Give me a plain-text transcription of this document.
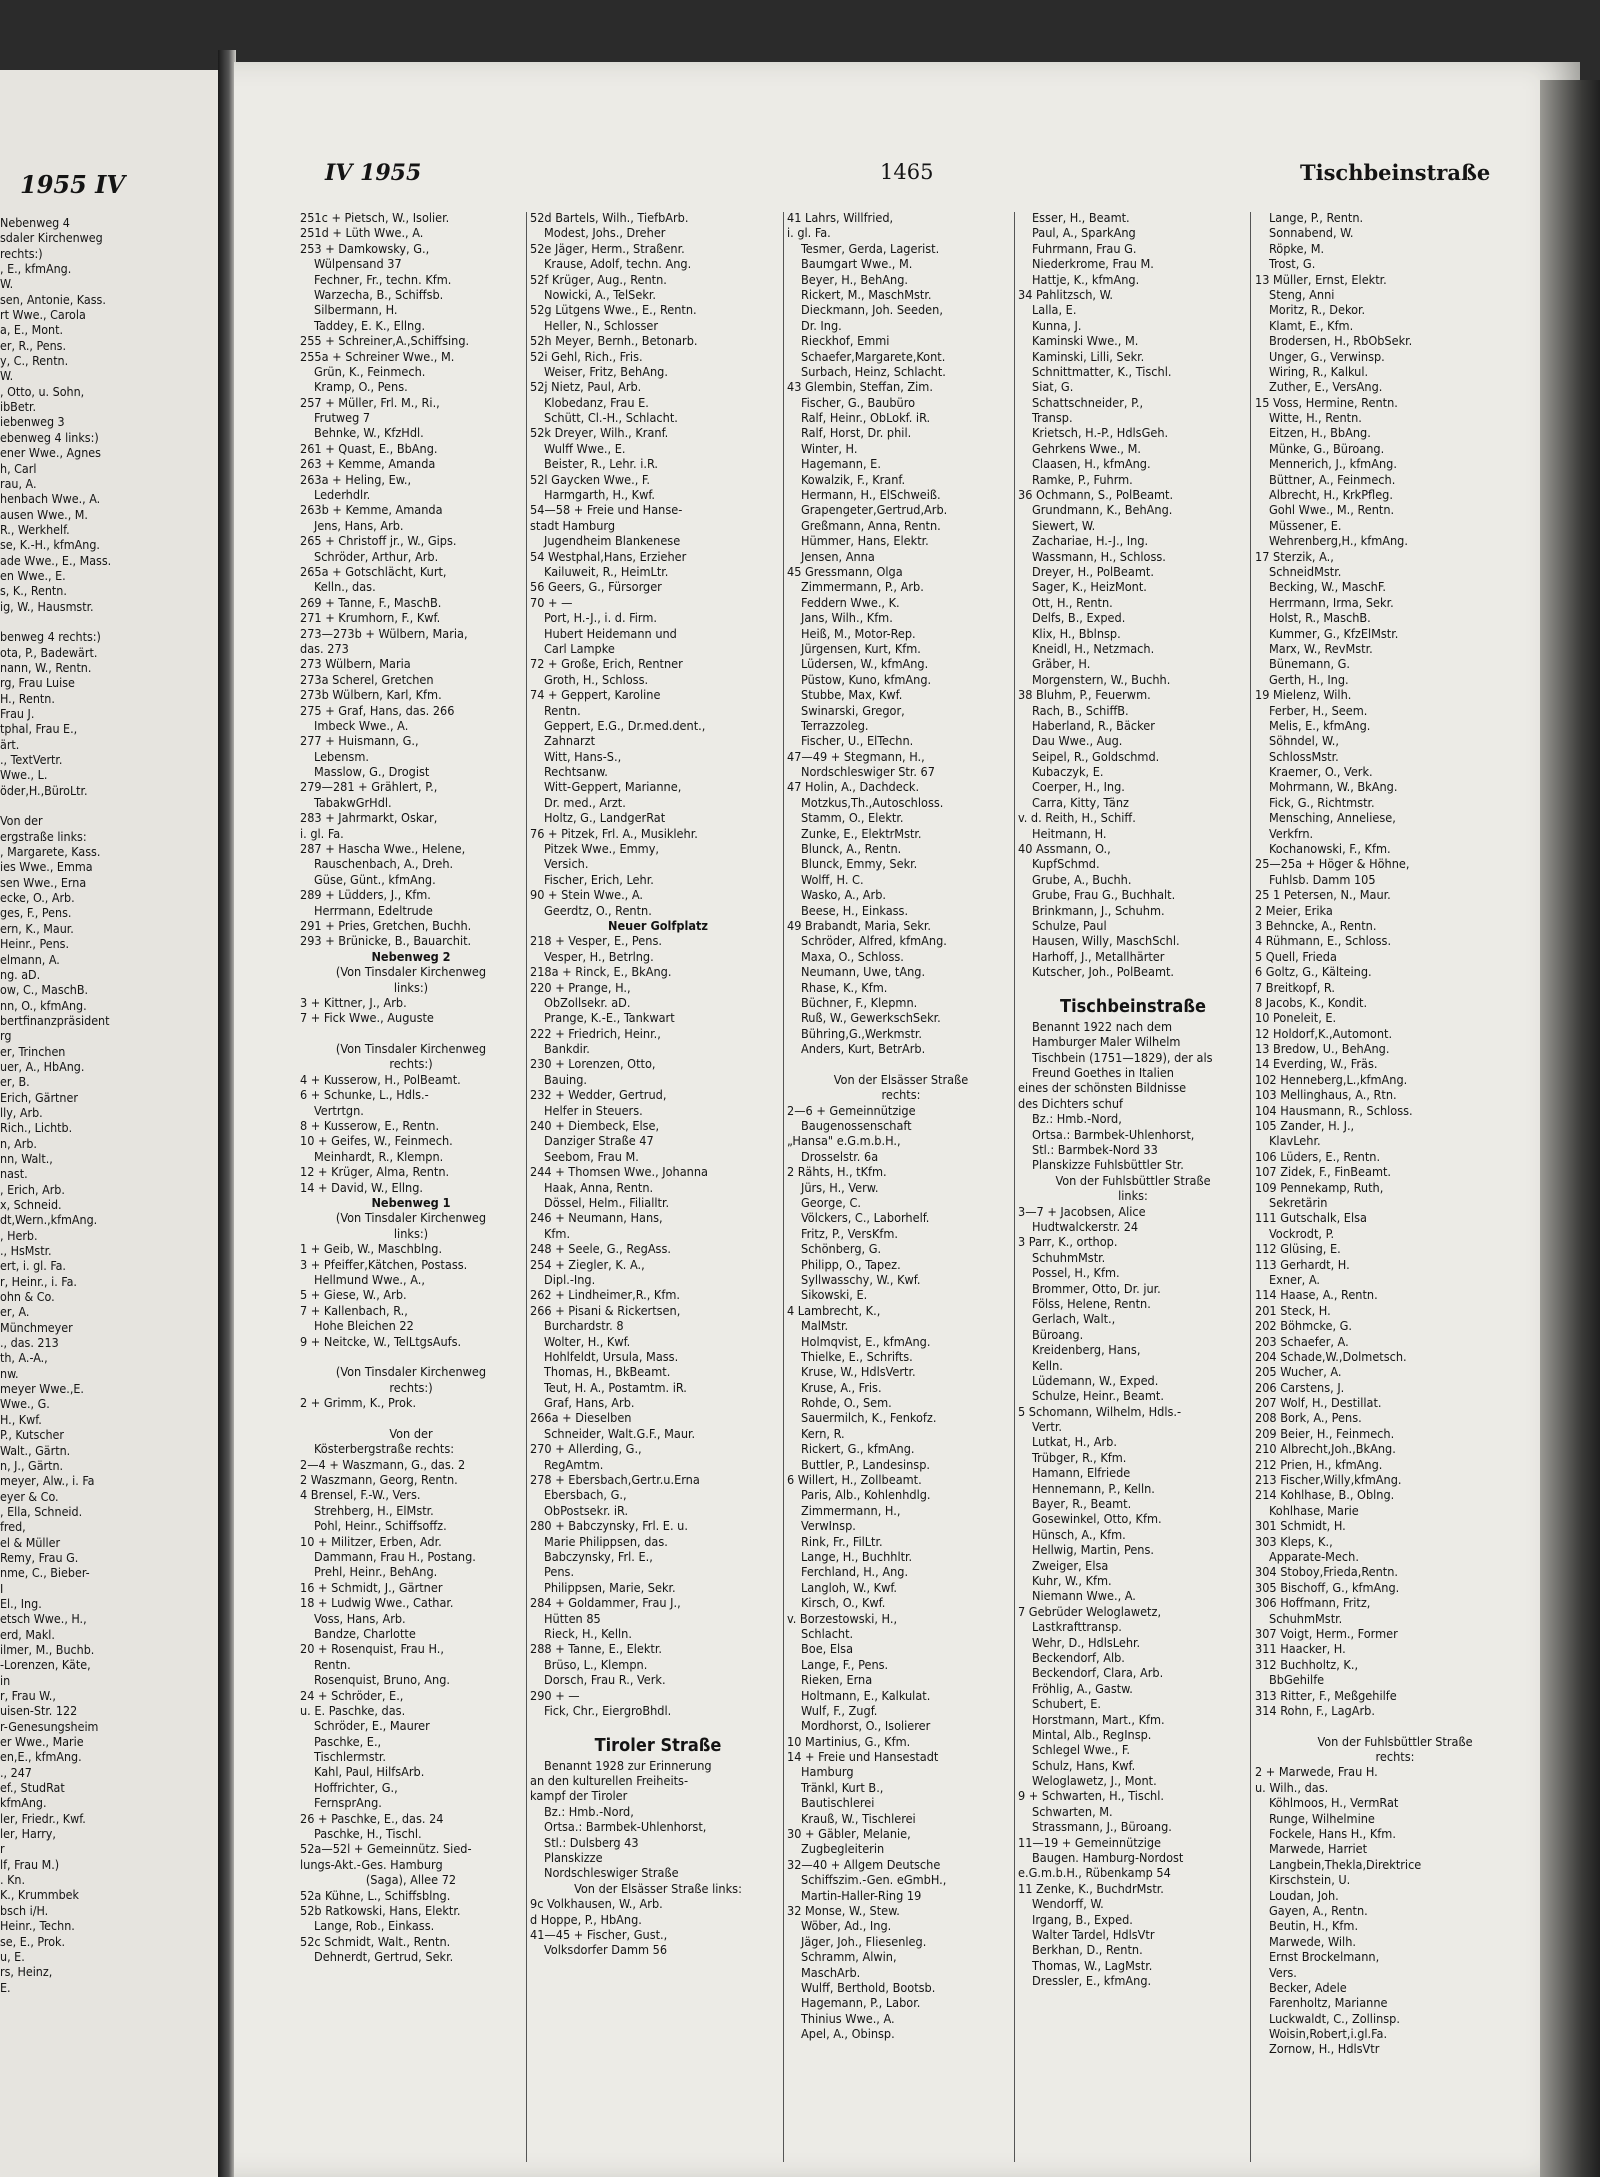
1955 IV
Nebenweg 4
sdaler Kirchenweg
rechts:)
, E., kfmAng.
W.
sen, Antonie, Kass.
rt Wwe., Carola
a, E., Mont.
er, R., Pens.
y, C., Rentn.
W.
, Otto, u. Sohn,
ibBetr.
iebenweg 3
ebenweg 4 links:)
ener Wwe., Agnes
h, Carl
rau, A.
henbach Wwe., A.
ausen Wwe., M.
R., Werkhelf.
se, K.-H., kfmAng.
ade Wwe., E., Mass.
en Wwe., E.
s, K., Rentn.
ig, W., Hausmstr.
benweg 4 rechts:)
ota, P., Badewärt.
nann, W., Rentn.
rg, Frau Luise
H., Rentn.
Frau J.
tphal, Frau E.,
ärt.
., TextVertr.
Wwe., L.
öder,H.,BüroLtr.
Von der
ergstraße links:
, Margarete, Kass.
ies Wwe., Emma
sen Wwe., Erna
ecke, O., Arb.
ges, F., Pens.
ern, K., Maur.
Heinr., Pens.
elmann, A.
ng. aD.
ow, C., MaschB.
nn, O., kfmAng.
bertfinanzpräsident
rg
er, Trinchen
uer, A., HbAng.
er, B.
Erich, Gärtner
lly, Arb.
Rich., Lichtb.
n, Arb.
nn, Walt.,
nast.
, Erich, Arb.
x, Schneid.
dt,Wern.,kfmAng.
, Herb.
., HsMstr.
ert, i. gl. Fa.
r, Heinr., i. Fa.
ohn & Co.
er, A.
Münchmeyer
., das. 213
th, A.-A.,
nw.
meyer Wwe.,E.
Wwe., G.
H., Kwf.
P., Kutscher
Walt., Gärtn.
n, J., Gärtn.
meyer, Alw., i. Fa
eyer & Co.
, Ella, Schneid.
fred,
el & Müller
Remy, Frau G.
nme, C., Bieber-
I
El., Ing.
etsch Wwe., H.,
erd, Makl.
ilmer, M., Buchb.
-Lorenzen, Käte,
in
r, Frau W.,
uisen-Str. 122
r-Genesungsheim
er Wwe., Marie
en,E., kfmAng.
., 247
ef., StudRat
kfmAng.
ler, Friedr., Kwf.
ler, Harry,
r
lf, Frau M.)
. Kn.
K., Krummbek
bsch i/H.
Heinr., Techn.
se, E., Prok.
u, E.
rs, Heinz,
E.
IV 1955	1465	Tischbeinstraße
251c + Pietsch, W., Isolier.
251d + Lüth Wwe., A.
253 + Damkowsky, G.,
Wülpensand 37
Fechner, Fr., techn. Kfm.
Warzecha, B., Schiffsb.
Silbermann, H.
Taddey, E. K., Ellng.
255 + Schreiner,A.,Schiffsing.
255a + Schreiner Wwe., M.
Grün, K., Feinmech.
Kramp, O., Pens.
257 + Müller, Frl. M., Ri.,
Frutweg 7
Behnke, W., KfzHdl.
261 + Quast, E., BbAng.
263 + Kemme, Amanda
263a + Heling, Ew.,
Lederhdlr.
263b + Kemme, Amanda
Jens, Hans, Arb.
265 + Christoff jr., W., Gips.
Schröder, Arthur, Arb.
265a + Gotschlächt, Kurt,
Kelln., das.
269 + Tanne, F., MaschB.
271 + Krumhorn, F., Kwf.
273—273b + Wülbern, Maria,
das. 273
273 Wülbern, Maria
273a Scherel, Gretchen
273b Wülbern, Karl, Kfm.
275 + Graf, Hans, das. 266
Imbeck Wwe., A.
277 + Huismann, G.,
Lebensm.
Masslow, G., Drogist
279—281 + Grählert, P.,
TabakwGrHdl.
283 + Jahrmarkt, Oskar,
i. gl. Fa.
287 + Hascha Wwe., Helene,
Rauschenbach, A., Dreh.
Güse, Günt., kfmAng.
289 + Lüdders, J., Kfm.
Herrmann, Edeltrude
291 + Pries, Gretchen, Buchh.
293 + Brünicke, B., Bauarchit.
Nebenweg 2
(Von Tinsdaler Kirchenweg
links:)
3 + Kittner, J., Arb.
7 + Fick Wwe., Auguste
(Von Tinsdaler Kirchenweg
rechts:)
4 + Kusserow, H., PolBeamt.
6 + Schunke, L., Hdls.-
Vertrtgn.
8 + Kusserow, E., Rentn.
10 + Geifes, W., Feinmech.
Meinhardt, R., Klempn.
12 + Krüger, Alma, Rentn.
14 + David, W., Ellng.
Nebenweg 1
(Von Tinsdaler Kirchenweg
links:)
1 + Geib, W., Maschblng.
3 + Pfeiffer,Kätchen, Postass.
Hellmund Wwe., A.,
5 + Giese, W., Arb.
7 + Kallenbach, R.,
Hohe Bleichen 22
9 + Neitcke, W., TelLtgsAufs.
(Von Tinsdaler Kirchenweg
rechts:)
2 + Grimm, K., Prok.
Von der
Kösterbergstraße rechts:
2—4 + Waszmann, G., das. 2
2 Waszmann, Georg, Rentn.
4 Brensel, F.-W., Vers.
Strehberg, H., ElMstr.
Pohl, Heinr., Schiffsoffz.
10 + Militzer, Erben, Adr.
Dammann, Frau H., Postang.
Prehl, Heinr., BehAng.
16 + Schmidt, J., Gärtner
18 + Ludwig Wwe., Cathar.
Voss, Hans, Arb.
Bandze, Charlotte
20 + Rosenquist, Frau H.,
Rentn.
Rosenquist, Bruno, Ang.
24 + Schröder, E.,
u. E. Paschke, das.
Schröder, E., Maurer
Paschke, E.,
Tischlermstr.
Kahl, Paul, HilfsArb.
Hoffrichter, G.,
FernsprAng.
26 + Paschke, E., das. 24
Paschke, H., Tischl.
52a—52l + Gemeinnütz. Sied-
lungs-Akt.-Ges. Hamburg
(Saga), Allee 72
52a Kühne, L., Schiffsblng.
52b Ratkowski, Hans, Elektr.
Lange, Rob., Einkass.
52c Schmidt, Walt., Rentn.
Dehnerdt, Gertrud, Sekr.
52d Bartels, Wilh., TiefbArb.
Modest, Johs., Dreher
52e Jäger, Herm., Straßenr.
Krause, Adolf, techn. Ang.
52f Krüger, Aug., Rentn.
Nowicki, A., TelSekr.
52g Lütgens Wwe., E., Rentn.
Heller, N., Schlosser
52h Meyer, Bernh., Betonarb.
52i Gehl, Rich., Fris.
Weiser, Fritz, BehAng.
52j Nietz, Paul, Arb.
Klobedanz, Frau E.
Schütt, Cl.-H., Schlacht.
52k Dreyer, Wilh., Kranf.
Wulff Wwe., E.
Beister, R., Lehr. i.R.
52l Gaycken Wwe., F.
Harmgarth, H., Kwf.
54—58 + Freie und Hanse-
stadt Hamburg
Jugendheim Blankenese
54 Westphal,Hans, Erzieher
Kailuweit, R., HeimLtr.
56 Geers, G., Fürsorger
70 + —
Port, H.-J., i. d. Firm.
Hubert Heidemann und
Carl Lampke
72 + Große, Erich, Rentner
Groth, H., Schloss.
74 + Geppert, Karoline
Rentn.
Geppert, E.G., Dr.med.dent.,
Zahnarzt
Witt, Hans-S.,
Rechtsanw.
Witt-Geppert, Marianne,
Dr. med., Arzt.
Holtz, G., LandgerRat
76 + Pitzek, Frl. A., Musiklehr.
Pitzek Wwe., Emmy,
Versich.
Fischer, Erich, Lehr.
90 + Stein Wwe., A.
Geerdtz, O., Rentn.
Neuer Golfplatz
218 + Vesper, E., Pens.
Vesper, H., Betrlng.
218a + Rinck, E., BkAng.
220 + Prange, H.,
ObZollsekr. aD.
Prange, K.-E., Tankwart
222 + Friedrich, Heinr.,
Bankdir.
230 + Lorenzen, Otto,
Bauing.
232 + Wedder, Gertrud,
Helfer in Steuers.
240 + Diembeck, Else,
Danziger Straße 47
Seebom, Frau M.
244 + Thomsen Wwe., Johanna
Haak, Anna, Rentn.
Dössel, Helm., Filialltr.
246 + Neumann, Hans,
Kfm.
248 + Seele, G., RegAss.
254 + Ziegler, K. A.,
Dipl.-Ing.
262 + Lindheimer,R., Kfm.
266 + Pisani & Rickertsen,
Burchardstr. 8
Wolter, H., Kwf.
Hohlfeldt, Ursula, Mass.
Thomas, H., BkBeamt.
Teut, H. A., Postamtm. iR.
Graf, Hans, Arb.
266a + Dieselben
Schneider, Walt.G.F., Maur.
270 + Allerding, G.,
RegAmtm.
278 + Ebersbach,Gertr.u.Erna
Ebersbach, G.,
ObPostsekr. iR.
280 + Babczynsky, Frl. E. u.
Marie Philippsen, das.
Babczynsky, Frl. E.,
Pens.
Philippsen, Marie, Sekr.
284 + Goldammer, Frau J.,
Hütten 85
Rieck, H., Kelln.
288 + Tanne, E., Elektr.
Brüso, L., Klempn.
Dorsch, Frau R., Verk.
290 + —
Fick, Chr., EiergroBhdl.
Tiroler Straße
Benannt 1928 zur Erinnerung
an den kulturellen Freiheits-
kampf der Tiroler
Bz.: Hmb.-Nord,
Ortsa.: Barmbek-Uhlenhorst,
Stl.: Dulsberg 43
Planskizze
Nordschleswiger Straße
Von der Elsässer Straße links:
9c Volkhausen, W., Arb.
d Hoppe, P., HbAng.
41—45 + Fischer, Gust.,
Volksdorfer Damm 56
41 Lahrs, Willfried,
i. gl. Fa.
Tesmer, Gerda, Lagerist.
Baumgart Wwe., M.
Beyer, H., BehAng.
Rickert, M., MaschMstr.
Dieckmann, Joh. Seeden,
Dr. Ing.
Rieckhof, Emmi
Schaefer,Margarete,Kont.
Surbach, Heinz, Schlacht.
43 Glembin, Steffan, Zim.
Fischer, G., Baubüro
Ralf, Heinr., ObLokf. iR.
Ralf, Horst, Dr. phil.
Winter, H.
Hagemann, E.
Kowalzik, F., Kranf.
Hermann, H., ElSchweiß.
Grapengeter,Gertrud,Arb.
Greßmann, Anna, Rentn.
Hümmer, Hans, Elektr.
Jensen, Anna
45 Gressmann, Olga
Zimmermann, P., Arb.
Feddern Wwe., K.
Jans, Wilh., Kfm.
Heiß, M., Motor-Rep.
Jürgensen, Kurt, Kfm.
Lüdersen, W., kfmAng.
Püstow, Kuno, kfmAng.
Stubbe, Max, Kwf.
Swinarski, Gregor,
Terrazzoleg.
Fischer, U., ElTechn.
47—49 + Stegmann, H.,
Nordschleswiger Str. 67
47 Holin, A., Dachdeck.
Motzkus,Th.,Autoschloss.
Stamm, O., Elektr.
Zunke, E., ElektrMstr.
Blunck, A., Rentn.
Blunck, Emmy, Sekr.
Wolff, H. C.
Wasko, A., Arb.
Beese, H., Einkass.
49 Brabandt, Maria, Sekr.
Schröder, Alfred, kfmAng.
Maxa, O., Schloss.
Neumann, Uwe, tAng.
Rhase, K., Kfm.
Büchner, F., Klepmn.
Ruß, W., GewerkschSekr.
Bühring,G.,Werkmstr.
Anders, Kurt, BetrArb.
Von der Elsässer Straße
rechts:
2—6 + Gemeinnützige
Baugenossenschaft
„Hansa" e.G.m.b.H.,
Drosselstr. 6a
2 Rähts, H., tKfm.
Jürs, H., Verw.
George, C.
Völckers, C., Laborhelf.
Fritz, P., VersKfm.
Schönberg, G.
Philipp, O., Tapez.
Syllwasschy, W., Kwf.
Sikowski, E.
4 Lambrecht, K.,
MalMstr.
Holmqvist, E., kfmAng.
Thielke, E., Schrifts.
Kruse, W., HdlsVertr.
Kruse, A., Fris.
Rohde, O., Sem.
Sauermilch, K., Fenkofz.
Kern, R.
Rickert, G., kfmAng.
Buttler, P., Landesinsp.
6 Willert, H., Zollbeamt.
Paris, Alb., Kohlenhdlg.
Zimmermann, H.,
VerwInsp.
Rink, Fr., FilLtr.
Lange, H., Buchhltr.
Ferchland, H., Ang.
Langloh, W., Kwf.
Kirsch, O., Kwf.
v. Borzestowski, H.,
Schlacht.
Boe, Elsa
Lange, F., Pens.
Rieken, Erna
Holtmann, E., Kalkulat.
Wulf, F., Zugf.
Mordhorst, O., Isolierer
10 Martinius, G., Kfm.
14 + Freie und Hansestadt
Hamburg
Tränkl, Kurt B.,
Bautischlerei
Krauß, W., Tischlerei
30 + Gäbler, Melanie,
Zugbegleiterin
32—40 + Allgem Deutsche
Schiffszim.-Gen. eGmbH.,
Martin-Haller-Ring 19
32 Monse, W., Stew.
Wöber, Ad., Ing.
Jäger, Joh., Fliesenleg.
Schramm, Alwin,
MaschArb.
Wulff, Berthold, Bootsb.
Hagemann, P., Labor.
Thinius Wwe., A.
Apel, A., Obinsp.
Esser, H., Beamt.
Paul, A., SparkAng
Fuhrmann, Frau G.
Niederkrome, Frau M.
Hattje, K., kfmAng.
34 Pahlitzsch, W.
Lalla, E.
Kunna, J.
Kaminski Wwe., M.
Kaminski, Lilli, Sekr.
Schnittmatter, K., Tischl.
Siat, G.
Schattschneider, P.,
Transp.
Krietsch, H.-P., HdlsGeh.
Gehrkens Wwe., M.
Claasen, H., kfmAng.
Ramke, P., Fuhrm.
36 Ochmann, S., PolBeamt.
Grundmann, K., BehAng.
Siewert, W.
Zachariae, H.-J., Ing.
Wassmann, H., Schloss.
Dreyer, H., PolBeamt.
Sager, K., HeizMont.
Ott, H., Rentn.
Delfs, B., Exped.
Klix, H., Bblnsp.
Kneidl, H., Netzmach.
Gräber, H.
Morgenstern, W., Buchh.
38 Bluhm, P., Feuerwm.
Rach, B., SchiffB.
Haberland, R., Bäcker
Dau Wwe., Aug.
Seipel, R., Goldschmd.
Kubaczyk, E.
Coerper, H., Ing.
Carra, Kitty, Tänz
v. d. Reith, H., Schiff.
Heitmann, H.
40 Assmann, O.,
KupfSchmd.
Grube, A., Buchh.
Grube, Frau G., Buchhalt.
Brinkmann, J., Schuhm.
Schulze, Paul
Hausen, Willy, MaschSchl.
Harhoff, J., Metallhärter
Kutscher, Joh., PolBeamt.
Tischbeinstraße
Benannt 1922 nach dem
Hamburger Maler Wilhelm
Tischbein (1751—1829), der als
Freund Goethes in Italien
eines der schönsten Bildnisse
des Dichters schuf
Bz.: Hmb.-Nord,
Ortsa.: Barmbek-Uhlenhorst,
Stl.: Barmbek-Nord 33
Planskizze Fuhlsbüttler Str.
Von der Fuhlsbüttler Straße
links:
3—7 + Jacobsen, Alice
Hudtwalckerstr. 24
3 Parr, K., orthop.
SchuhmMstr.
Possel, H., Kfm.
Brommer, Otto, Dr. jur.
Fölss, Helene, Rentn.
Gerlach, Walt.,
Büroang.
Kreidenberg, Hans,
Kelln.
Lüdemann, W., Exped.
Schulze, Heinr., Beamt.
5 Schomann, Wilhelm, Hdls.-
Vertr.
Lutkat, H., Arb.
Trübger, R., Kfm.
Hamann, Elfriede
Hennemann, P., Kelln.
Bayer, R., Beamt.
Gosewinkel, Otto, Kfm.
Hünsch, A., Kfm.
Hellwig, Martin, Pens.
Zweiger, Elsa
Kuhr, W., Kfm.
Niemann Wwe., A.
7 Gebrüder Weloglawetz,
Lastkrafttransp.
Wehr, D., HdlsLehr.
Beckendorf, Alb.
Beckendorf, Clara, Arb.
Fröhlig, A., Gastw.
Schubert, E.
Horstmann, Mart., Kfm.
Mintal, Alb., RegInsp.
Schlegel Wwe., F.
Schulz, Hans, Kwf.
Weloglawetz, J., Mont.
9 + Schwarten, H., Tischl.
Schwarten, M.
Strassmann, J., Büroang.
11—19 + Gemeinnützige
Baugen. Hamburg-Nordost
e.G.m.b.H., Rübenkamp 54
11 Zenke, K., BuchdrMstr.
Wendorff, W.
Irgang, B., Exped.
Walter Tardel, HdlsVtr
Berkhan, D., Rentn.
Thomas, W., LagMstr.
Dressler, E., kfmAng.
Lange, P., Rentn.
Sonnabend, W.
Röpke, M.
Trost, G.
13 Müller, Ernst, Elektr.
Steng, Anni
Moritz, R., Dekor.
Klamt, E., Kfm.
Brodersen, H., RbObSekr.
Unger, G., Verwinsp.
Wiring, R., Kalkul.
Zuther, E., VersAng.
15 Voss, Hermine, Rentn.
Witte, H., Rentn.
Eitzen, H., BbAng.
Münke, G., Büroang.
Mennerich, J., kfmAng.
Büttner, A., Feinmech.
Albrecht, H., KrkPfleg.
Gohl Wwe., M., Rentn.
Müssener, E.
Wehrenberg,H., kfmAng.
17 Sterzik, A.,
SchneidMstr.
Becking, W., MaschF.
Herrmann, Irma, Sekr.
Holst, R., MaschB.
Kummer, G., KfzElMstr.
Marx, W., RevMstr.
Bünemann, G.
Gerth, H., Ing.
19 Mielenz, Wilh.
Ferber, H., Seem.
Melis, E., kfmAng.
Söhndel, W.,
SchlossMstr.
Kraemer, O., Verk.
Mohrmann, W., BkAng.
Fick, G., Richtmstr.
Mensching, Anneliese,
Verkfrn.
Kochanowski, F., Kfm.
25—25a + Höger & Höhne,
Fuhlsb. Damm 105
25 1 Petersen, N., Maur.
2 Meier, Erika
3 Behncke, A., Rentn.
4 Rühmann, E., Schloss.
5 Quell, Frieda
6 Goltz, G., Kälteing.
7 Breitkopf, R.
8 Jacobs, K., Kondit.
10 Poneleit, E.
12 Holdorf,K.,Automont.
13 Bredow, U., BehAng.
14 Everding, W., Fräs.
102 Henneberg,L.,kfmAng.
103 Mellinghaus, A., Rtn.
104 Hausmann, R., Schloss.
105 Zander, H. J.,
KlavLehr.
106 Lüders, E., Rentn.
107 Zidek, F., FinBeamt.
109 Pennekamp, Ruth,
Sekretärin
111 Gutschalk, Elsa
Vockrodt, P.
112 Glüsing, E.
113 Gerhardt, H.
Exner, A.
114 Haase, A., Rentn.
201 Steck, H.
202 Böhmcke, G.
203 Schaefer, A.
204 Schade,W.,Dolmetsch.
205 Wucher, A.
206 Carstens, J.
207 Wolf, H., Destillat.
208 Bork, A., Pens.
209 Beier, H., Feinmech.
210 Albrecht,Joh.,BkAng.
212 Prien, H., kfmAng.
213 Fischer,Willy,kfmAng.
214 Kohlhase, B., Oblng.
Kohlhase, Marie
301 Schmidt, H.
303 Kleps, K.,
Apparate-Mech.
304 Stoboy,Frieda,Rentn.
305 Bischoff, G., kfmAng.
306 Hoffmann, Fritz,
SchuhmMstr.
307 Voigt, Herm., Former
311 Haacker, H.
312 Buchholtz, K.,
BbGehilfe
313 Ritter, F., Meßgehilfe
314 Rohn, F., LagArb.
Von der Fuhlsbüttler Straße
rechts:
2 + Marwede, Frau H.
u. Wilh., das.
Köhlmoos, H., VermRat
Runge, Wilhelmine
Fockele, Hans H., Kfm.
Marwede, Harriet
Langbein,Thekla,Direktrice
Kirschstein, U.
Loudan, Joh.
Gayen, A., Rentn.
Beutin, H., Kfm.
Marwede, Wilh.
Ernst Brockelmann,
Vers.
Becker, Adele
Farenholtz, Marianne
Luckwaldt, C., Zollinsp.
Woisin,Robert,i.gl.Fa.
Zornow, H., HdlsVtr
